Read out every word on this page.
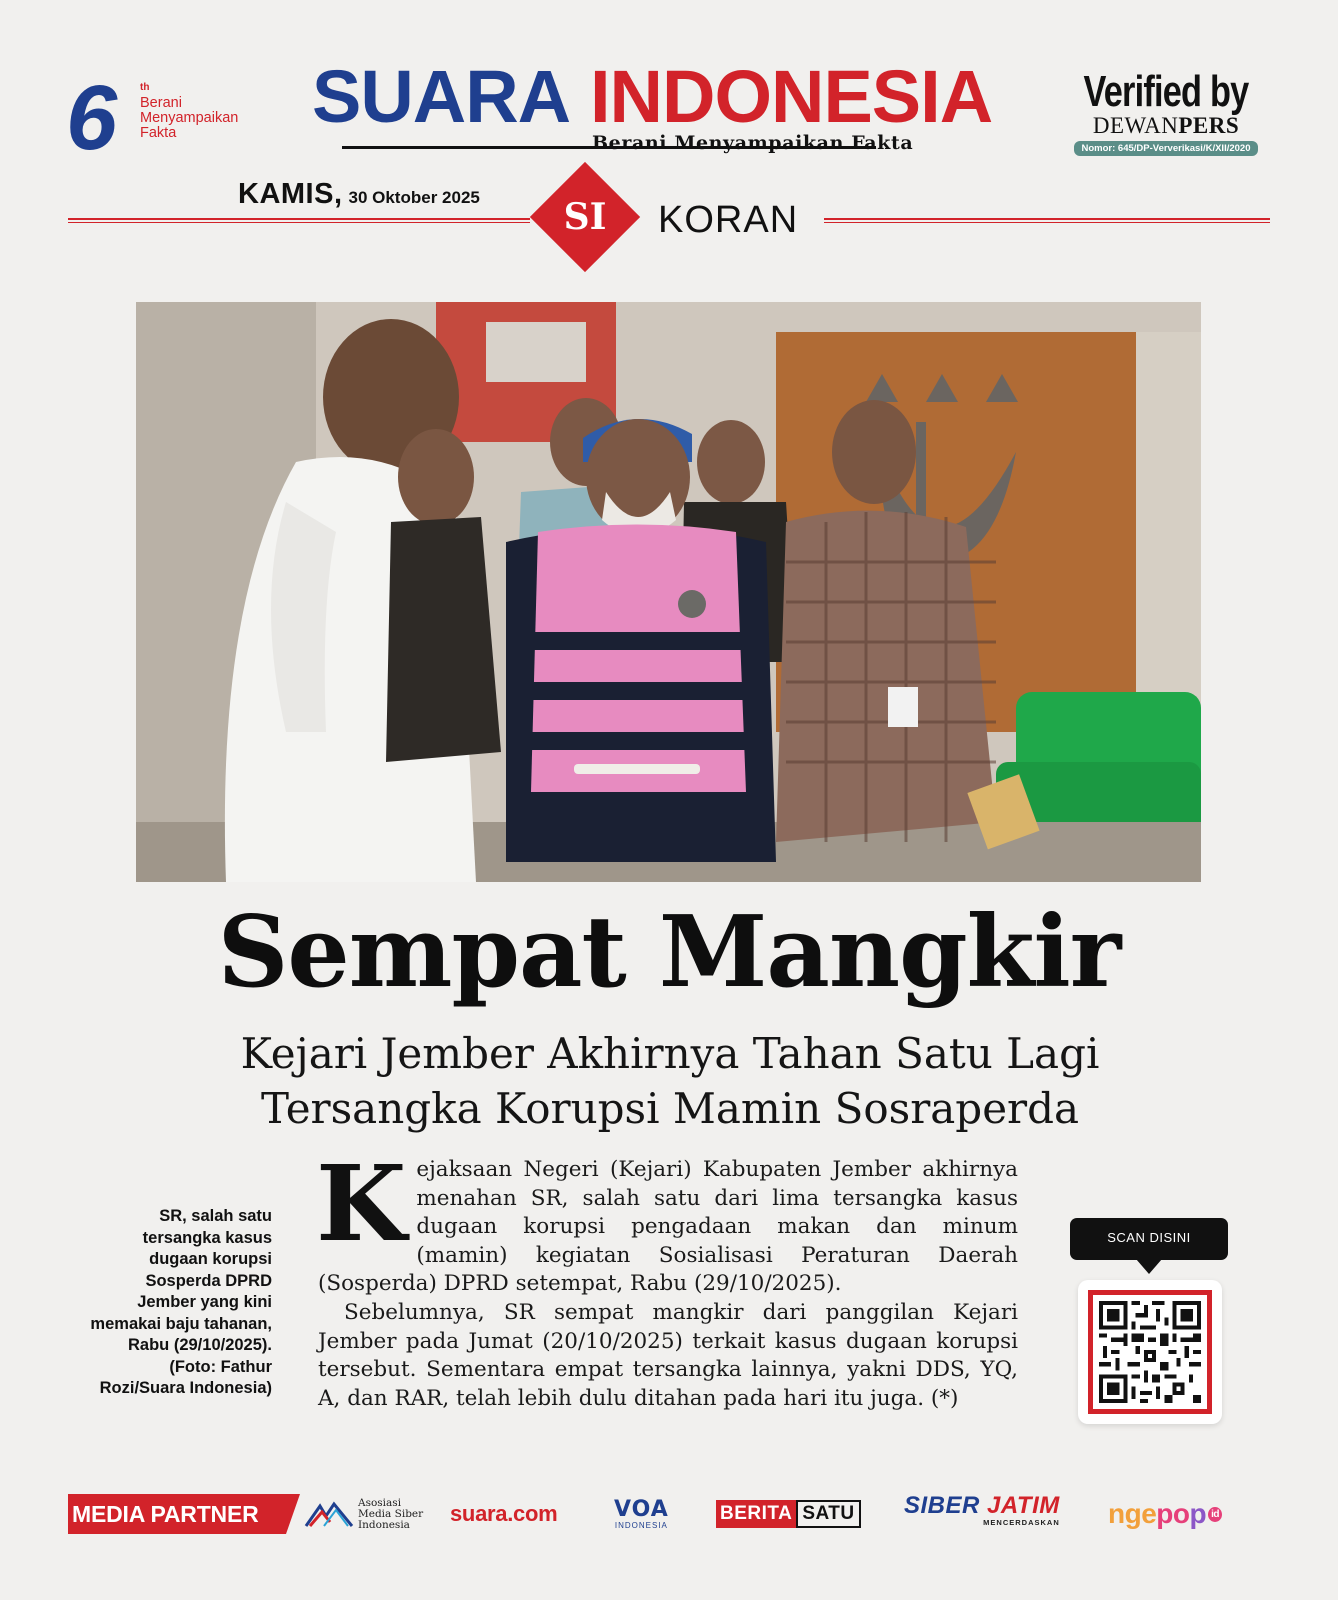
6 th
Berani
Menyampaikan
Fakta	SUARA INDONESIA
Berani Menyampaikan Fakta
Verified by
DEWANPERS
Nomor: 645/DP-Ververikasi/K/XII/2020
KAMIS, 30 Oktober 2025	SI	KORAN
Sempat Mangkir
Kejari Jember Akhirnya Tahan Satu Lagi
Tersangka Korupsi Mamin Sosraperda
SR, salah satu tersangka kasus dugaan korupsi Sosperda DPRD Jember yang kini memakai baju tahanan, Rabu (29/10/2025). (Foto: Fathur Rozi/Suara Indonesia)

Kejaksaan Negeri (Kejari) Kabupaten Jember akhirnya menahan SR, salah satu dari lima tersangka kasus dugaan korupsi pengadaan makan dan minum (mamin) kegiatan Sosialisasi Peraturan Daerah (Sosperda) DPRD setempat, Rabu (29/10/2025).

Sebelumnya, SR sempat mangkir dari panggilan Kejari Jember pada Jumat (20/10/2025) terkait kasus dugaan korupsi tersebut. Sementara empat tersangka lainnya, yakni DDS, YQ, A, dan RAR, telah lebih dulu ditahan pada hari itu juga. (*)

SCAN DISINI
MEDIA PARTNER	Asosiasi
Media Siber
Indonesia	suara.com	VOA
INDONESIA
BERITA SATU SIBER JATIM
MENCERDASKAN nge po p id
